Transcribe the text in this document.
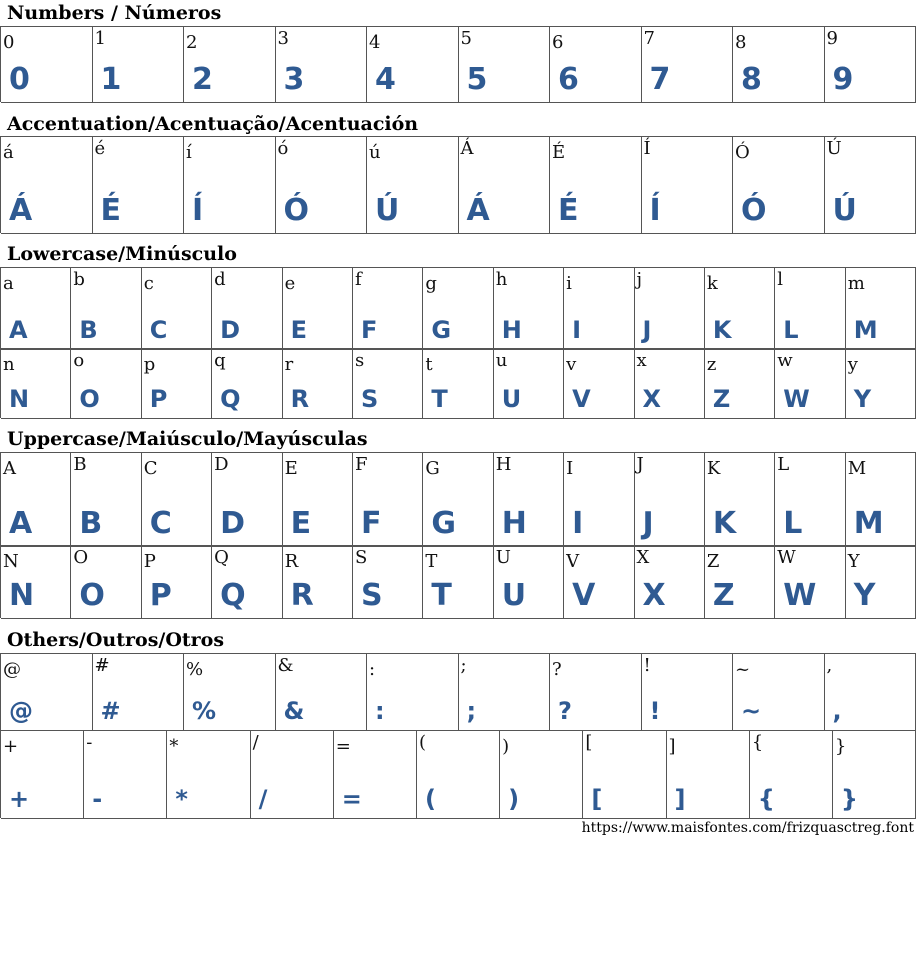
https://www.maisfontes.com/frizquasctreg.font
Numbers / Números
0
0
1
1
2
2
3
3
4
4
5
5
6
6
7
7
8
8
9
9
Accentuation/Acentuação/Acentuación
á
Á
é
É
í
Í
ó
Ó
ú
Ú
Á
Á
É
É
Í
Í
Ó
Ó
Ú
Ú
Lowercase/Minúsculo
a
A
b
B
c
C
d
D
e
E
f
F
g
G
h
H
i
I
j
J
k
K
l
L
m
M
n
N
o
O
p
P
q
Q
r
R
s
S
t
T
u
U
v
V
x
X
z
Z
w
W
y
Y
Uppercase/Maiúsculo/Mayúsculas
A
A
B
B
C
C
D
D
E
E
F
F
G
G
H
H
I
I
J
J
K
K
L
L
M
M
N
N
O
O
P
P
Q
Q
R
R
S
S
T
T
U
U
V
V
X
X
Z
Z
W
W
Y
Y
Others/Outros/Otros
@
@
#
#
%
%
&
&
:
:
;
;
?
?
!
!
~
~
,
,
+
+
-
-
*
*
/
/
=
=
(
(
)
)
[
[
]
]
{
{
}
}
